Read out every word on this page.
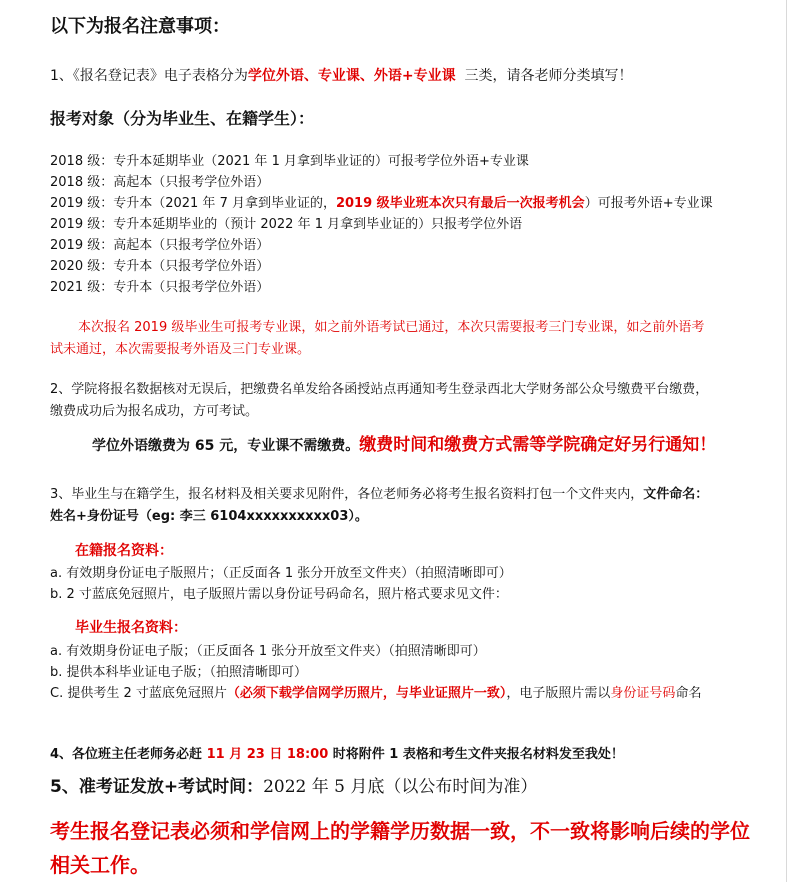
以下为报名注意事项：
1、《报名登记表》电子表格分为学位外语、专业课、外语+专业课  三类，请各老师分类填写！
报考对象（分为毕业生、在籍学生）：
2018 级：专升本延期毕业（2021 年 1 月拿到毕业证的）可报考学位外语+专业课
2018 级：高起本（只报考学位外语）
2019 级：专升本（2021 年 7 月拿到毕业证的，2019 级毕业班本次只有最后一次报考机会）可报考外语+专业课
2019 级：专升本延期毕业的（预计 2022 年 1 月拿到毕业证的）只报考学位外语
2019 级：高起本（只报考学位外语）
2020 级：专升本（只报考学位外语）
2021 级：专升本（只报考学位外语）
本次报名 2019 级毕业生可报考专业课，如之前外语考试已通过，本次只需要报考三门专业课，如之前外语考
试未通过，本次需要报考外语及三门专业课。
2、学院将报名数据核对无误后，把缴费名单发给各函授站点再通知考生登录西北大学财务部公众号缴费平台缴费，
缴费成功后为报名成功，方可考试。
学位外语缴费为 65 元，专业课不需缴费。缴费时间和缴费方式需等学院确定好另行通知！
3、毕业生与在籍学生，报名材料及相关要求见附件，各位老师务必将考生报名资料打包一个文件夹内，文件命名：
姓名+身份证号（eg: 李三 6104xxxxxxxxxx03）。
在籍报名资料：
a. 有效期身份证电子版照片；（正反面各 1 张分开放至文件夹）（拍照清晰即可）
b. 2 寸蓝底免冠照片，电子版照片需以身份证号码命名，照片格式要求见文件：
毕业生报名资料：
a. 有效期身份证电子版；（正反面各 1 张分开放至文件夹）（拍照清晰即可）
b. 提供本科毕业证电子版；（拍照清晰即可）
C. 提供考生 2 寸蓝底免冠照片（必须下载学信网学历照片，与毕业证照片一致），电子版照片需以身份证号码命名
4、各位班主任老师务必赶 11 月 23 日 18:00 时将附件 1 表格和考生文件夹报名材料发至我处！
5、准考证发放+考试时间：2022 年 5 月底（以公布时间为准）
考生报名登记表必须和学信网上的学籍学历数据一致，不一致将影响后续的学位
相关工作。
